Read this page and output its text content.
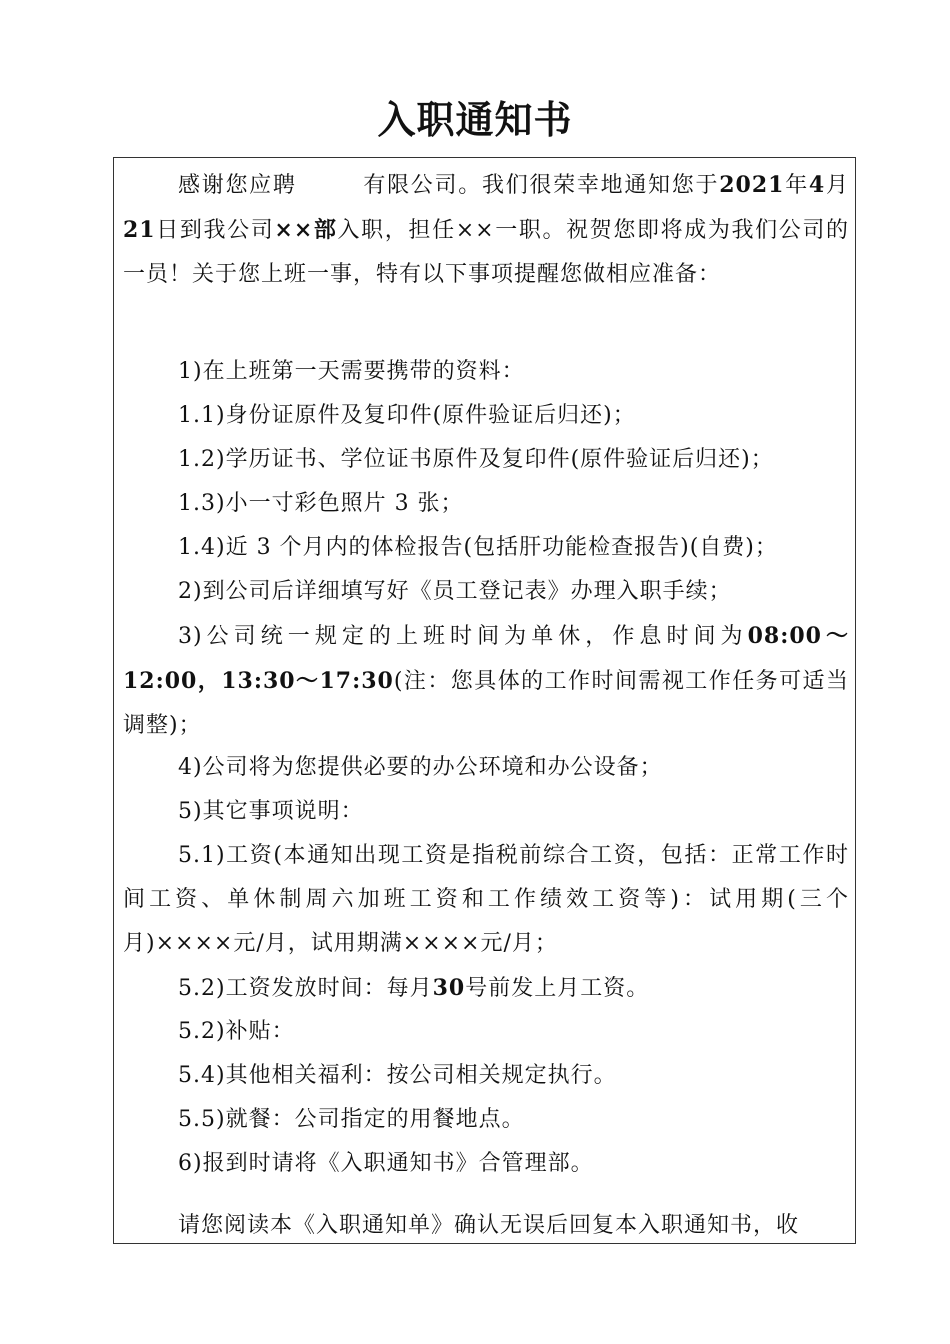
入职通知书

感谢您应聘	有限公司。我们很荣幸地通知您于2021年4月21日到我公司××部入职，担任××一职。祝贺您即将成为我们公司的一员！关于您上班一事，特有以下事项提醒您做相应准备：

1)在上班第一天需要携带的资料：

1.1)身份证原件及复印件(原件验证后归还)；

1.2)学历证书、学位证书原件及复印件(原件验证后归还)；

1.3)小一寸彩色照片 3 张；

1.4)近 3 个月内的体检报告(包括肝功能检查报告)(自费)；

2)到公司后详细填写好《员工登记表》办理入职手续；

3)公司统一规定的上班时间为单休，作息时间为08:00～12:00，13:30～17:30(注：您具体的工作时间需视工作任务可适当调整)；

4)公司将为您提供必要的办公环境和办公设备；

5)其它事项说明：

5.1)工资(本通知出现工资是指税前综合工资，包括：正常工作时间工资、单休制周六加班工资和工作绩效工资等)：试用期(三个月)××××元/月，试用期满××××元/月；

5.2)工资发放时间：每月30号前发上月工资。

5.2)补贴：

5.4)其他相关福利：按公司相关规定执行。

5.5)就餐：公司指定的用餐地点。

6)报到时请将《入职通知书》合管理部。

请您阅读本《入职通知单》确认无误后回复本入职通知书，收
